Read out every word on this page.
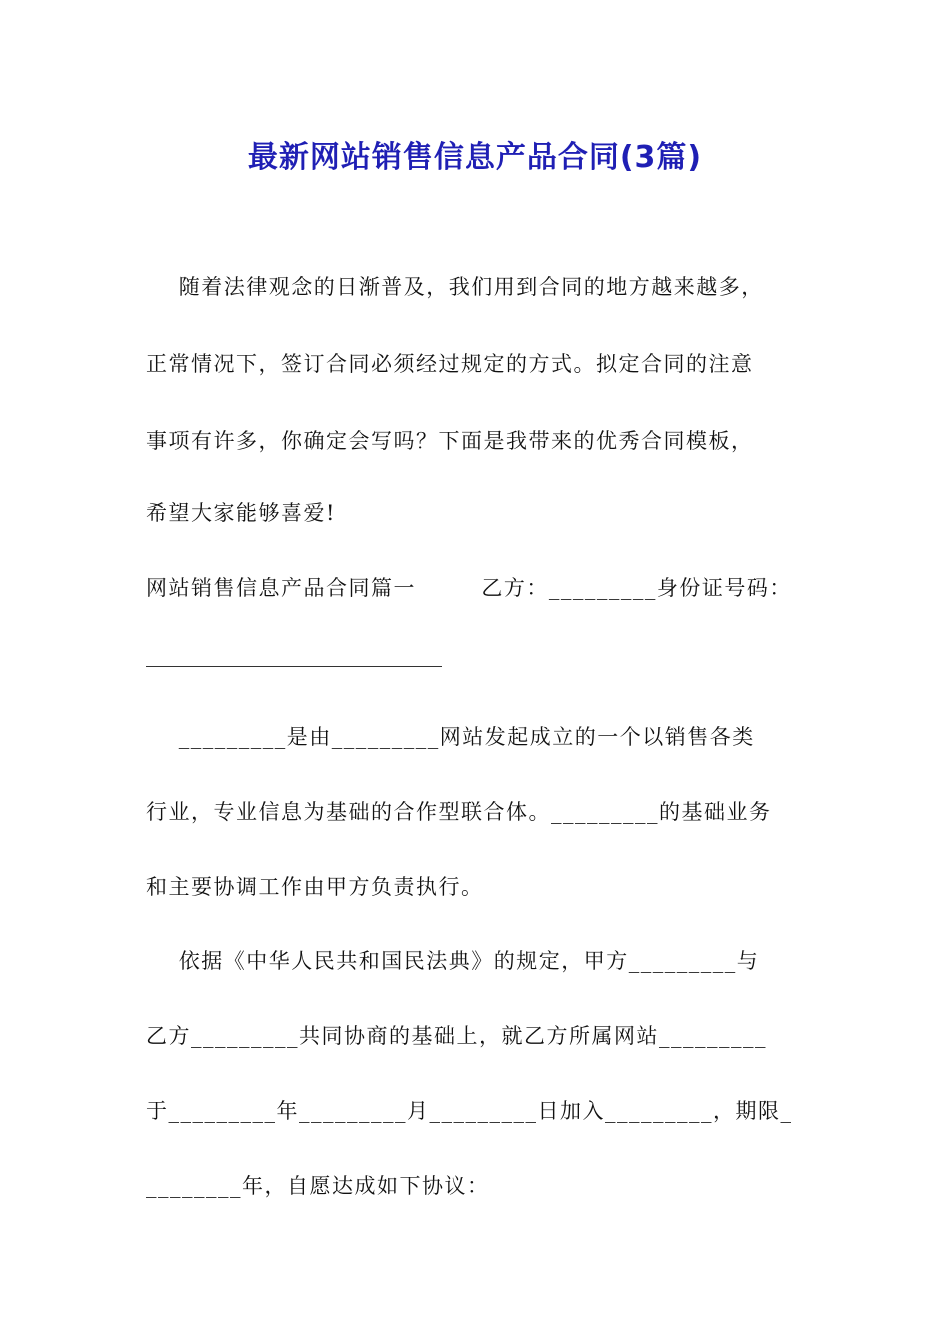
最新网站销售信息产品合同(3篇)
随着法律观念的日渐普及，我们用到合同的地方越来越多，
正常情况下，签订合同必须经过规定的方式。拟定合同的注意
事项有许多，你确定会写吗？下面是我带来的优秀合同模板，
希望大家能够喜爱!
网站销售信息产品合同篇一        乙方：_________身份证号码：
_________是由_________网站发起成立的一个以销售各类
行业，专业信息为基础的合作型联合体。_________的基础业务
和主要协调工作由甲方负责执行。
依据《中华人民共和国民法典》的规定，甲方_________与
乙方_________共同协商的基础上，就乙方所属网站_________
于_________年_________月_________日加入_________，期限_
________年，自愿达成如下协议：
